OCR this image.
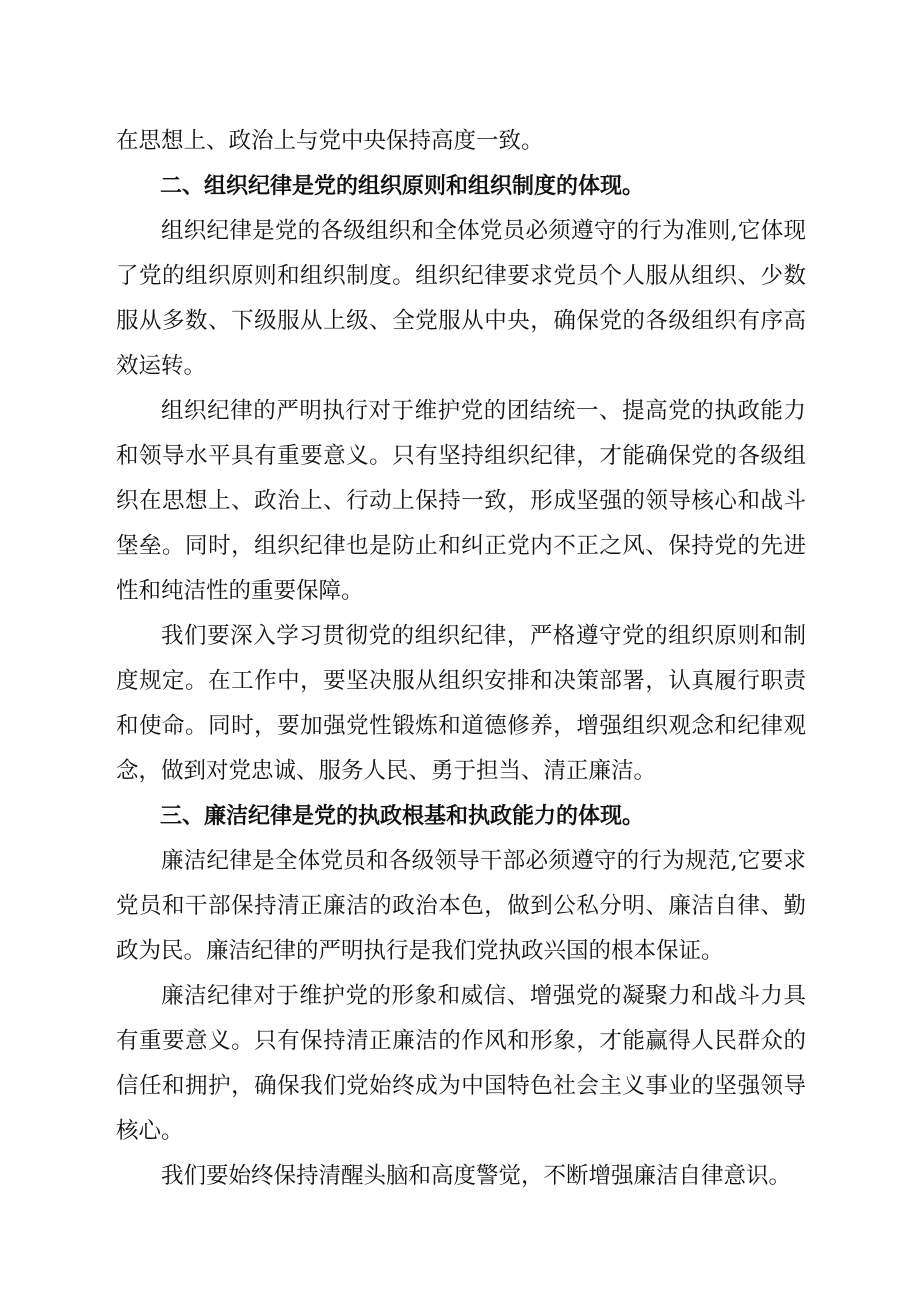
在思想上、政治上与党中央保持高度一致。

二、组织纪律是党的组织原则和组织制度的体现。

组织纪律是党的各级组织和全体党员必须遵守的行为准则,它体现了党的组织原则和组织制度。组织纪律要求党员个人服从组织、少数服从多数、下级服从上级、全党服从中央，确保党的各级组织有序高效运转。

组织纪律的严明执行对于维护党的团结统一、提高党的执政能力和领导水平具有重要意义。只有坚持组织纪律，才能确保党的各级组织在思想上、政治上、行动上保持一致，形成坚强的领导核心和战斗堡垒。同时，组织纪律也是防止和纠正党内不正之风、保持党的先进性和纯洁性的重要保障。

我们要深入学习贯彻党的组织纪律，严格遵守党的组织原则和制度规定。在工作中，要坚决服从组织安排和决策部署，认真履行职责和使命。同时，要加强党性锻炼和道德修养，增强组织观念和纪律观念，做到对党忠诚、服务人民、勇于担当、清正廉洁。

三、廉洁纪律是党的执政根基和执政能力的体现。

廉洁纪律是全体党员和各级领导干部必须遵守的行为规范,它要求党员和干部保持清正廉洁的政治本色，做到公私分明、廉洁自律、勤政为民。廉洁纪律的严明执行是我们党执政兴国的根本保证。

廉洁纪律对于维护党的形象和威信、增强党的凝聚力和战斗力具有重要意义。只有保持清正廉洁的作风和形象，才能赢得人民群众的信任和拥护，确保我们党始终成为中国特色社会主义事业的坚强领导核心。

我们要始终保持清醒头脑和高度警觉，不断增强廉洁自律意识。
